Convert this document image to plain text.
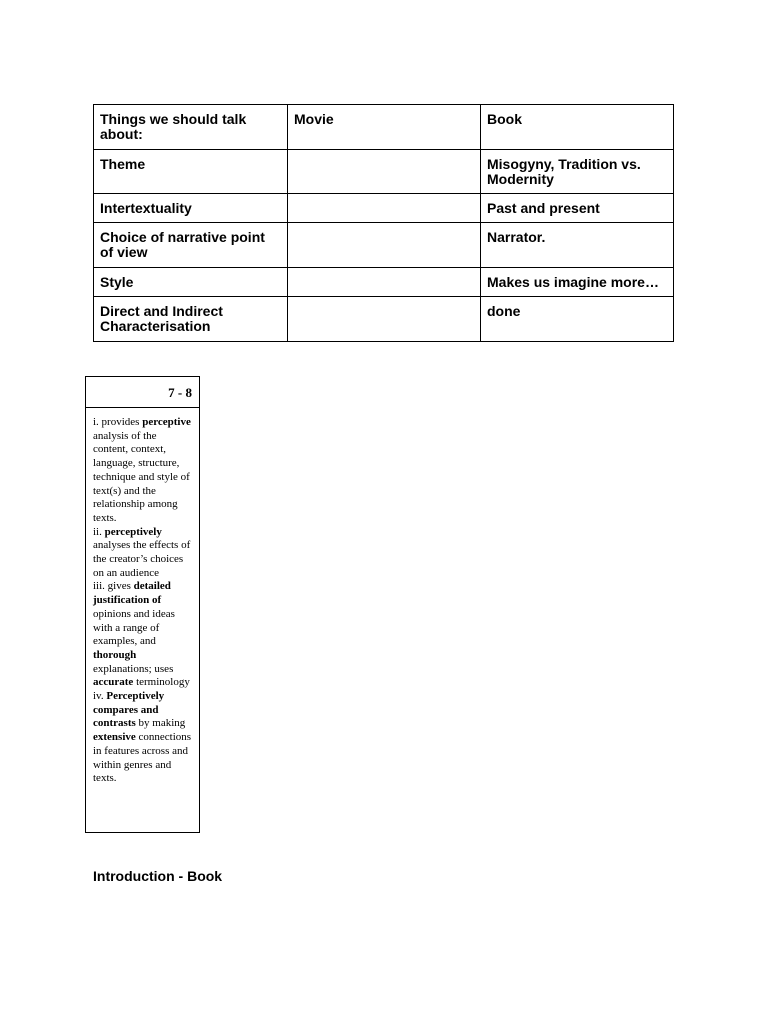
Things we should talk about:	Movie	Book
Theme		Misogyny, Tradition vs. Modernity
Intertextuality		Past and present
Choice of narrative point of view		Narrator.
Style		Makes us imagine more…
Direct and Indirect Characterisation		done
7 - 8
i. provides perceptive analysis of the content, context, language, structure, technique and style of text(s) and the relationship among texts.
ii. perceptively analyses the effects of the creator’s choices on an audience
iii. gives detailed justification of opinions and ideas with a range of examples, and thorough explanations; uses accurate terminology
iv. Perceptively compares and contrasts by making extensive connections in features across and within genres and texts.
Introduction - Book
